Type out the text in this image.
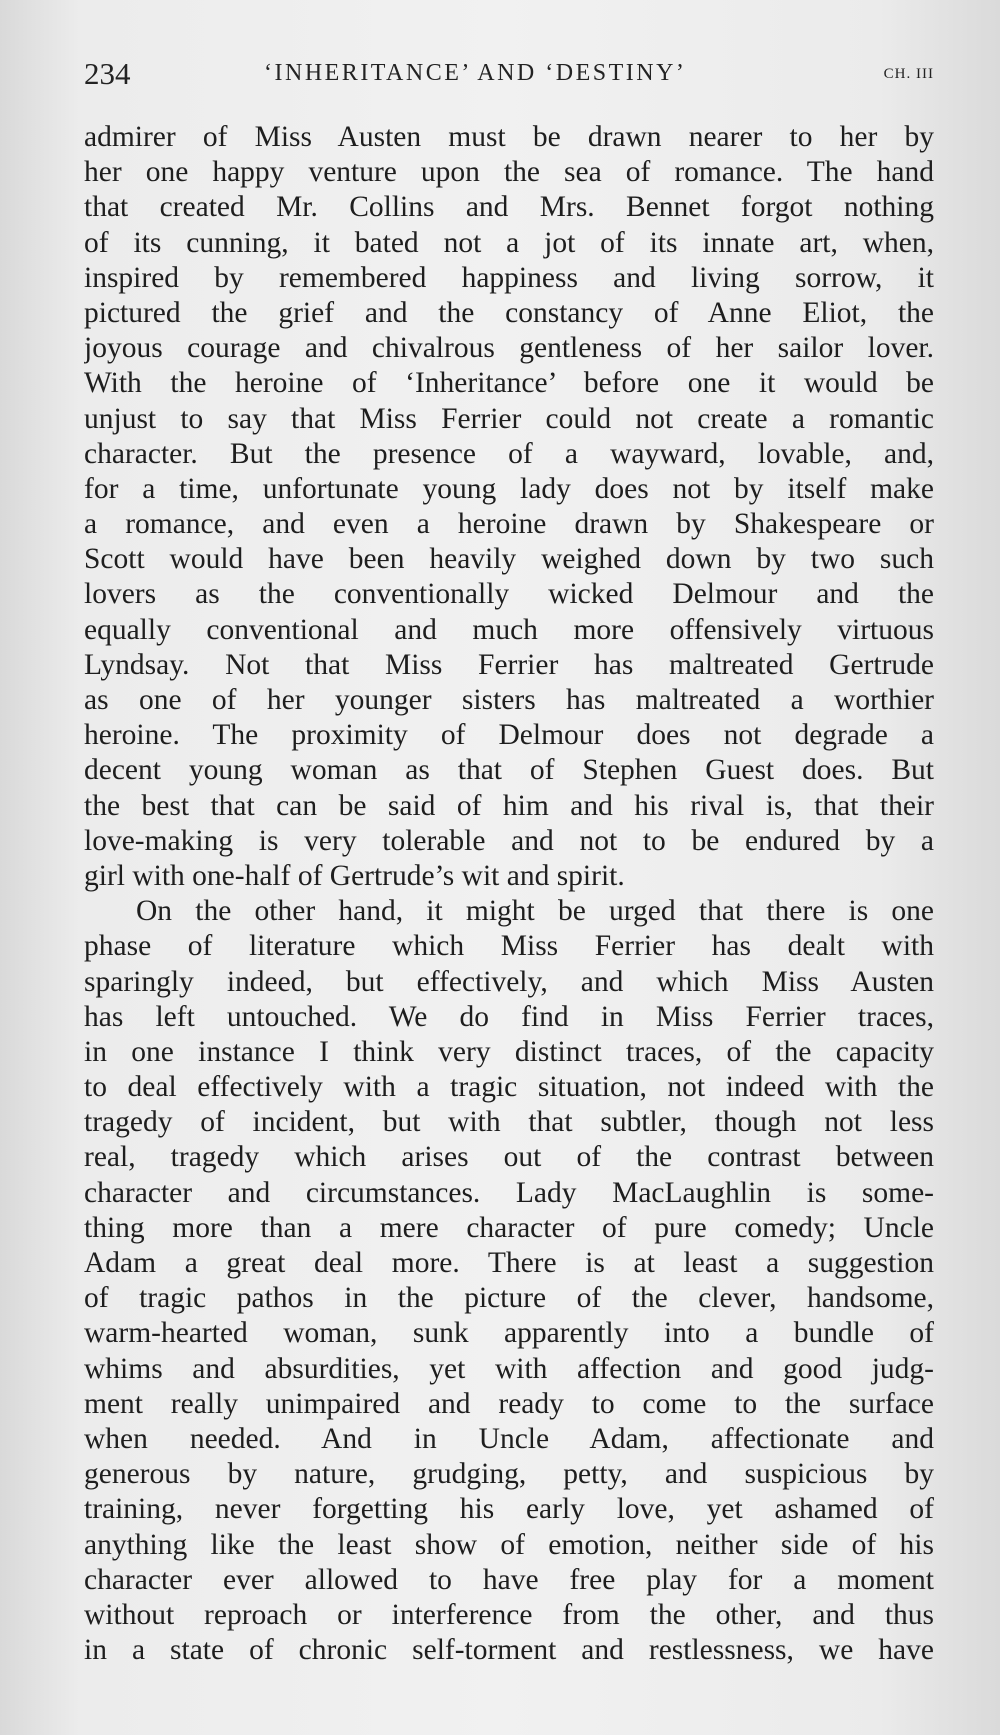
234	‘INHERITANCE’ AND ‘DESTINY’	CH. III
admirer of Miss Austen must be drawn nearer to her by
her one happy venture upon the sea of romance. The hand
that created Mr. Collins and Mrs. Bennet forgot nothing
of its cunning, it bated not a jot of its innate art, when,
inspired by remembered happiness and living sorrow, it
pictured the grief and the constancy of Anne Eliot, the
joyous courage and chivalrous gentleness of her sailor lover.
With the heroine of ‘Inheritance’ before one it would be
unjust to say that Miss Ferrier could not create a romantic
character. But the presence of a wayward, lovable, and,
for a time, unfortunate young lady does not by itself make
a romance, and even a heroine drawn by Shakespeare or
Scott would have been heavily weighed down by two such
lovers as the conventionally wicked Delmour and the
equally conventional and much more offensively virtuous
Lyndsay. Not that Miss Ferrier has maltreated Gertrude
as one of her younger sisters has maltreated a worthier
heroine. The proximity of Delmour does not degrade a
decent young woman as that of Stephen Guest does. But
the best that can be said of him and his rival is, that their
love-making is very tolerable and not to be endured by a
girl with one-half of Gertrude’s wit and spirit.
On the other hand, it might be urged that there is one
phase of literature which Miss Ferrier has dealt with
sparingly indeed, but effectively, and which Miss Austen
has left untouched. We do find in Miss Ferrier traces,
in one instance I think very distinct traces, of the capacity
to deal effectively with a tragic situation, not indeed with the
tragedy of incident, but with that subtler, though not less
real, tragedy which arises out of the contrast between
character and circumstances. Lady MacLaughlin is some-
thing more than a mere character of pure comedy; Uncle
Adam a great deal more. There is at least a suggestion
of tragic pathos in the picture of the clever, handsome,
warm-hearted woman, sunk apparently into a bundle of
whims and absurdities, yet with affection and good judg-
ment really unimpaired and ready to come to the surface
when needed. And in Uncle Adam, affectionate and
generous by nature, grudging, petty, and suspicious by
training, never forgetting his early love, yet ashamed of
anything like the least show of emotion, neither side of his
character ever allowed to have free play for a moment
without reproach or interference from the other, and thus
in a state of chronic self-torment and restlessness, we have
